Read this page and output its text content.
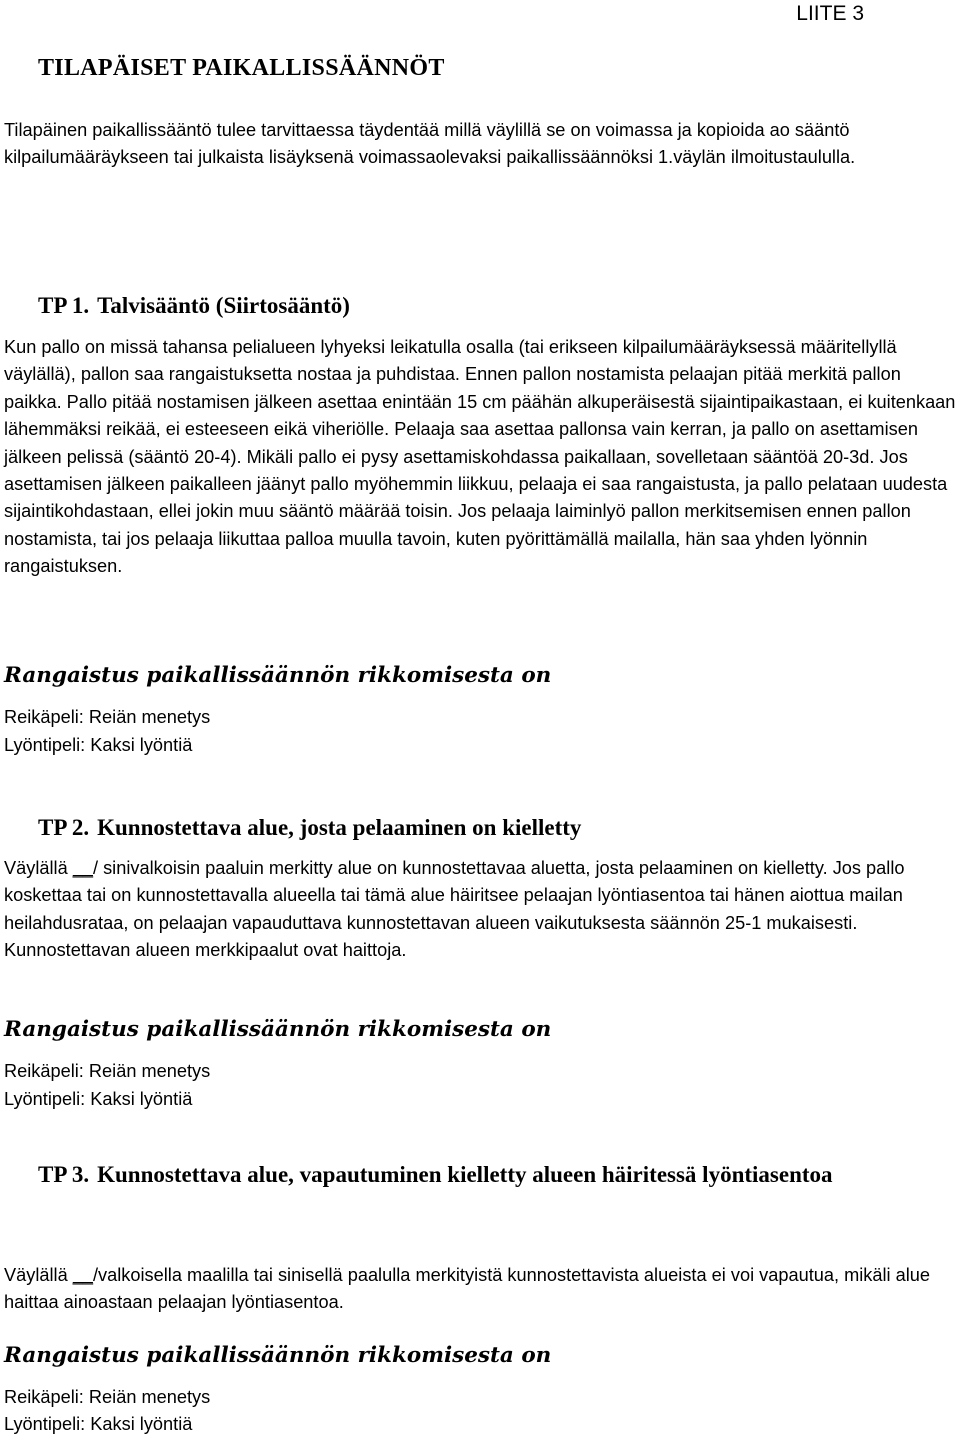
LIITE 3
TILAPÄISET PAIKALLISSÄÄNNÖT

Tilapäinen paikallissääntö tulee tarvittaessa täydentää millä väylillä se on voimassa ja kopioida ao sääntö kilpailumääräykseen tai julkaista lisäyksenä voimassaolevaksi paikallissäännöksi 1.väylän ilmoitustaululla.

TP 1. Talvisääntö (Siirtosääntö)

Kun pallo on missä tahansa pelialueen lyhyeksi leikatulla osalla (tai erikseen kilpailumääräyksessä määritellyllä väylällä), pallon saa rangaistuksetta nostaa ja puhdistaa. Ennen pallon nostamista pelaajan pitää merkitä pallon paikka. Pallo pitää nostamisen jälkeen asettaa enintään 15 cm päähän alkuperäisestä sijaintipaikastaan, ei kuitenkaan lähemmäksi reikää, ei esteeseen eikä viheriölle. Pelaaja saa asettaa pallonsa vain kerran, ja pallo on asettamisen jälkeen pelissä (sääntö 20-4). Mikäli pallo ei pysy asettamiskohdassa paikallaan, sovelletaan sääntöä 20-3d. Jos asettamisen jälkeen paikalleen jäänyt pallo myöhemmin liikkuu, pelaaja ei saa rangaistusta, ja pallo pelataan uudesta sijaintikohdastaan, ellei jokin muu sääntö määrää toisin. Jos pelaaja laiminlyö pallon merkitsemisen ennen pallon nostamista, tai jos pelaaja liikuttaa palloa muulla tavoin, kuten pyörittämällä mailalla, hän saa yhden lyönnin rangaistuksen.

Rangaistus paikallissäännön rikkomisesta on
Reikäpeli: Reiän menetys
Lyöntipeli: Kaksi lyöntiä
TP 2. Kunnostettava alue, josta pelaaminen on kielletty

Väylällä __/ sinivalkoisin paaluin merkitty alue on kunnostettavaa aluetta, josta pelaaminen on kielletty. Jos pallo koskettaa tai on kunnostettavalla alueella tai tämä alue häiritsee pelaajan lyöntiasentoa tai hänen aiottua mailan heilahdusrataa, on pelaajan vapauduttava kunnostettavan alueen vaikutuksesta säännön 25-1 mukaisesti. Kunnostettavan alueen merkkipaalut ovat haittoja.

Rangaistus paikallissäännön rikkomisesta on
Reikäpeli: Reiän menetys
Lyöntipeli: Kaksi lyöntiä
TP 3. Kunnostettava alue, vapautuminen kielletty alueen häiritessä lyöntiasentoa

Väylällä __/valkoisella maalilla tai sinisellä paalulla merkityistä kunnostettavista alueista ei voi vapautua, mikäli alue haittaa ainoastaan pelaajan lyöntiasentoa.

Rangaistus paikallissäännön rikkomisesta on
Reikäpeli: Reiän menetys
Lyöntipeli: Kaksi lyöntiä
